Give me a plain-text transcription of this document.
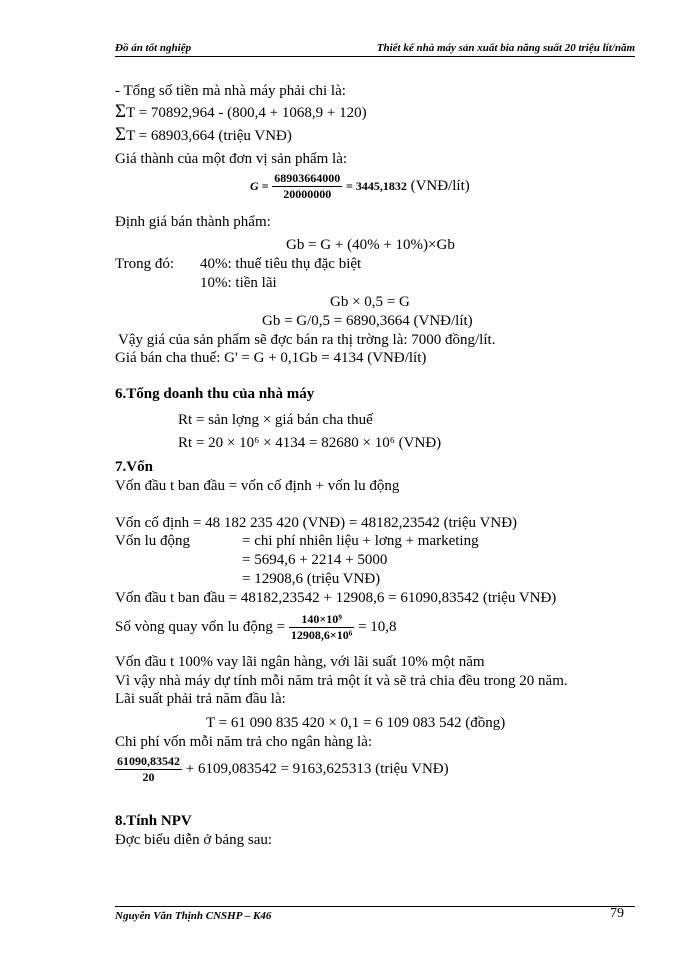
Đồ án tốt nghiệp	Thiết kế nhà máy sản xuất bia năng suất 20 triệu lít/năm
- Tổng số tiền mà nhà máy phải chi là:
ΣT = 70892,964 - (800,4 + 1068,9 + 120)
ΣT = 68903,664 (triệu VNĐ)
Giá thành của một đơn vị sản phẩm là:
$G = \frac{68903664000}{20000000} = 3445,1832$ (VNĐ/lít)
Định giá bán thành phẩm:
Gb = G + (40% + 10%)×Gb
Trong đó: 40%: thuế tiêu thụ đặc biệt
10%: tiền lãi
Gb × 0,5 = G
Gb = G/0,5 = 6890,3664 (VNĐ/lít)
Vậy giá của sản phẩm sẽ đợc bán ra thị trờng là: 7000 đồng/lít.
Giá bán cha thuế: G' = G + 0,1Gb = 4134 (VNĐ/lít)
6.Tổng doanh thu của nhà máy
Rt = sản lợng × giá bán cha thuế
Rt = 20 × 10⁶ × 4134 = 82680 × 10⁶ (VNĐ)
7.Vốn
Vốn đầu t ban đầu = vốn cố định + vốn lu động
Vốn cố định = 48 182 235 420 (VNĐ) = 48182,23542 (triệu VNĐ)
Vốn lu động	= chi phí nhiên liệu + lơng + marketing
= 5694,6 + 2214 + 5000
= 12908,6 (triệu VNĐ)
Vốn đầu t ban đầu = 48182,23542 + 12908,6 = 61090,83542 (triệu VNĐ)
Số vòng quay vốn lu động = $\frac{\text{140×10⁹}}{\text{12908,6×10⁶}} = 10,8$
Vốn đầu t 100% vay lãi ngân hàng, với lãi suất 10% một năm
Vì vậy nhà máy dự tính mỗi năm trả một ít và sẽ trả chia đều trong 20 năm.
Lãi suất phải trả năm đầu là:
T = 61 090 835 420 × 0,1 = 6 109 083 542 (đồng)
Chi phí vốn mỗi năm trả cho ngân hàng là:
$\frac{61090,83542}{20} + 6109,083542 = 9163,625313$ (triệu VNĐ)
8.Tính NPV
Đợc biểu diễn ở bảng sau:
Nguyễn Văn Thịnh CNSHP – K46	79
